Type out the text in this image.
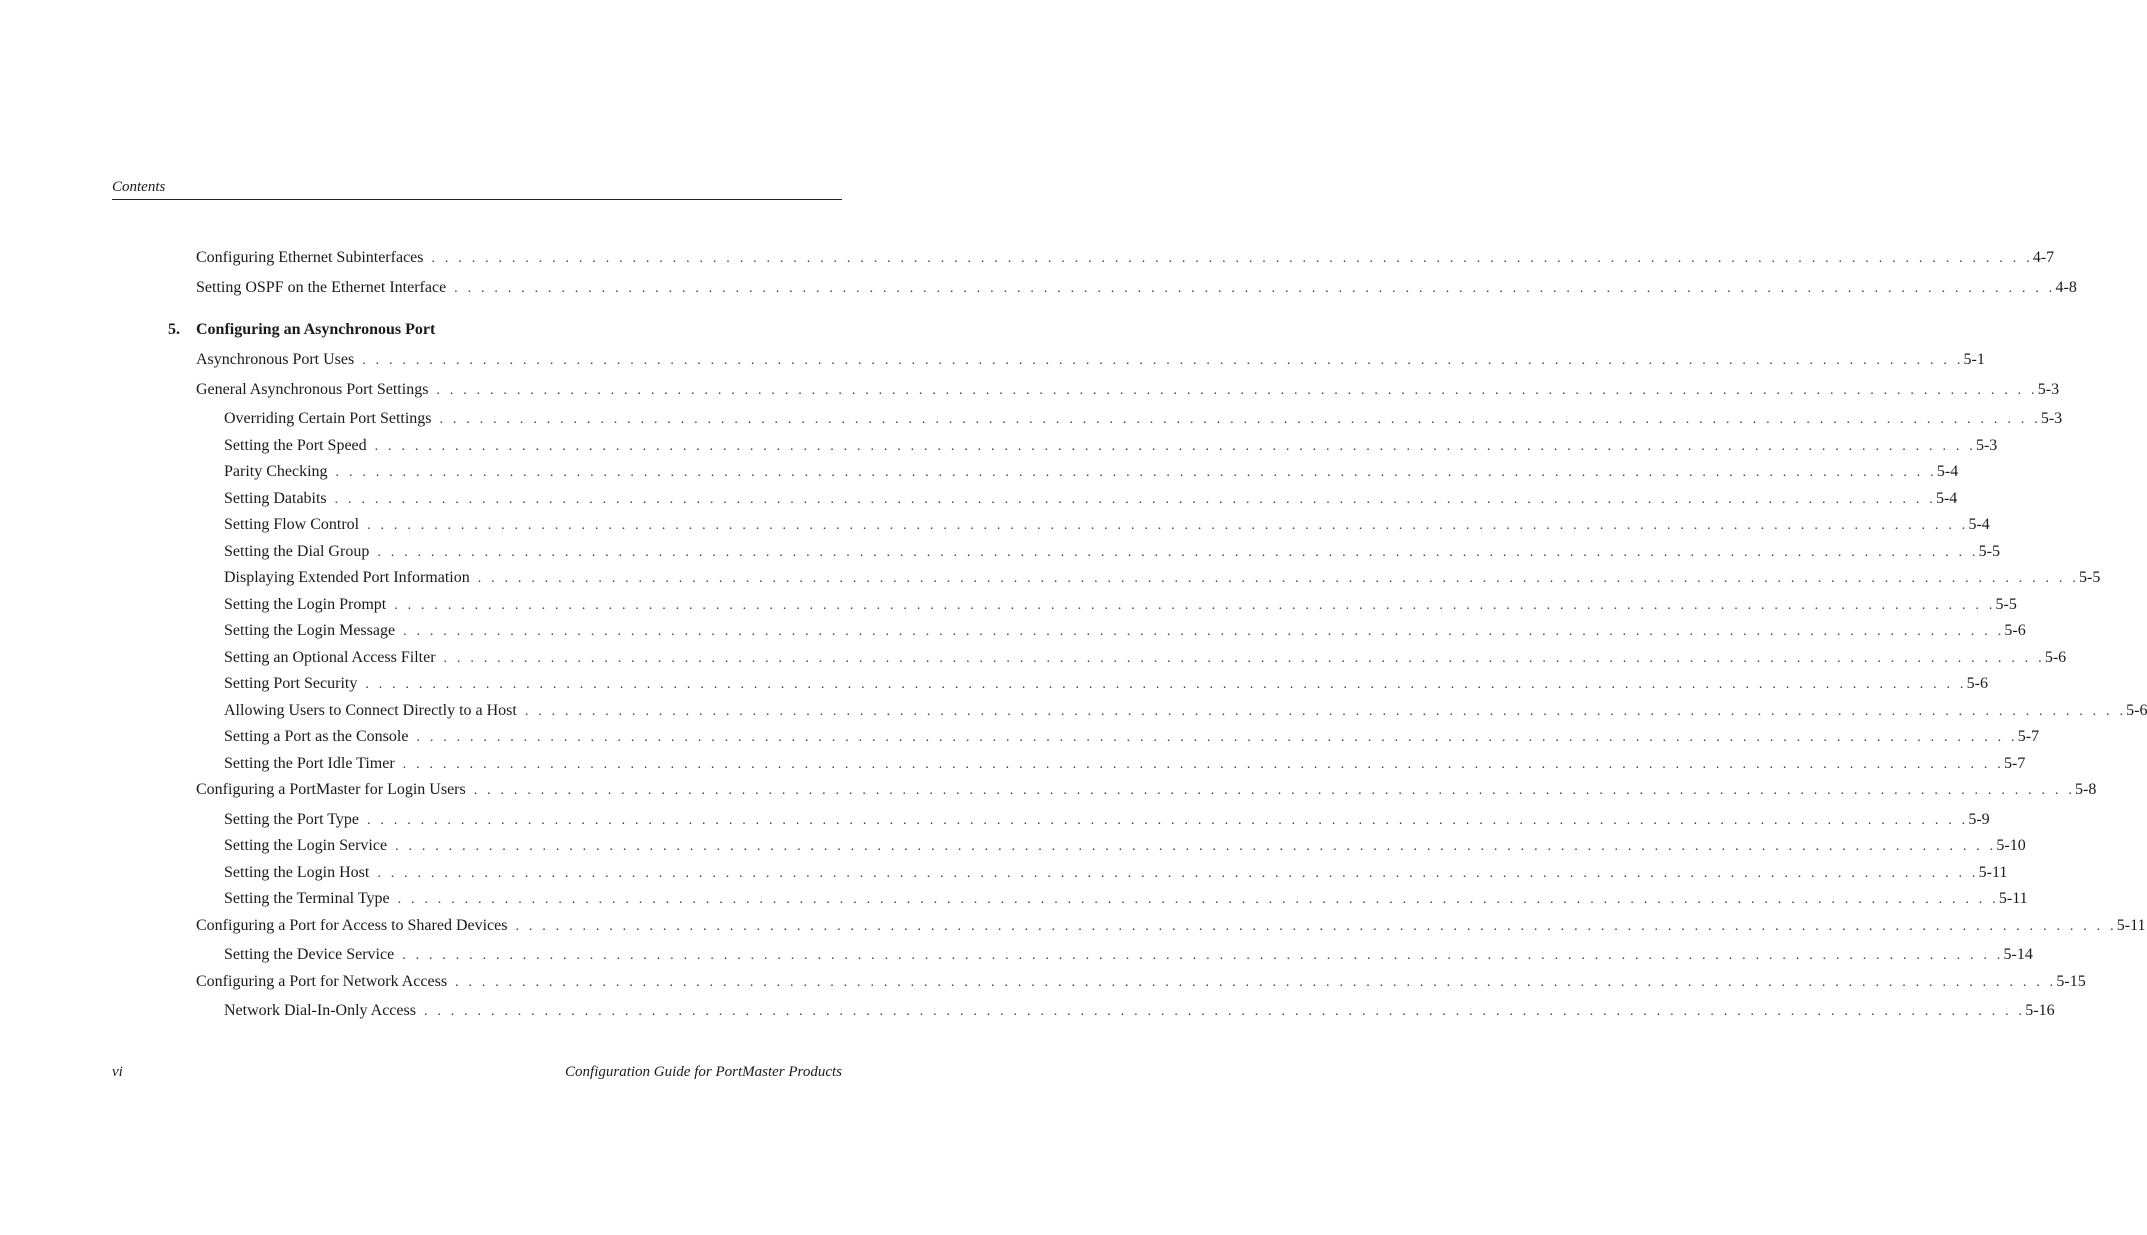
Contents
5. Configuring an Asynchronous Port
Configuring Ethernet Subinterfaces . . . . . . . . . . . . . . . . . . . . . . . . . . . . . . . . . . . . . . . . . . . . . . . . . . . . . . . . . . . . . . . . . . . . . . . . . . . . . . . . . . . . . . . . . . . . . . . . . . . . . . . . . . . . . . . . . . . . . . . . 4-7
Setting OSPF on the Ethernet Interface . . . . . . . . . . . . . . . . . . . . . . . . . . . . . . . . . . . . . . . . . . . . . . . . . . . . . . . . . . . . . . . . . . . . . . . . . . . . . . . . . . . . . . . . . . . . . . . . . . . . . . . . . . . . . . . . . . . . . . . . 4-8
Asynchronous Port Uses . . . . . . . . . . . . . . . . . . . . . . . . . . . . . . . . . . . . . . . . . . . . . . . . . . . . . . . . . . . . . . . . . . . . . . . . . . . . . . . . . . . . . . . . . . . . . . . . . . . . . . . . . . . . . . . . . . . . . . . . 5-1
General Asynchronous Port Settings . . . . . . . . . . . . . . . . . . . . . . . . . . . . . . . . . . . . . . . . . . . . . . . . . . . . . . . . . . . . . . . . . . . . . . . . . . . . . . . . . . . . . . . . . . . . . . . . . . . . . . . . . . . . . . . . . . . . . . . . 5-3
Overriding Certain Port Settings . . . . . . . . . . . . . . . . . . . . . . . . . . . . . . . . . . . . . . . . . . . . . . . . . . . . . . . . . . . . . . . . . . . . . . . . . . . . . . . . . . . . . . . . . . . . . . . . . . . . . . . . . . . . . . . . . . . . . . . . 5-3
Setting the Port Speed . . . . . . . . . . . . . . . . . . . . . . . . . . . . . . . . . . . . . . . . . . . . . . . . . . . . . . . . . . . . . . . . . . . . . . . . . . . . . . . . . . . . . . . . . . . . . . . . . . . . . . . . . . . . . . . . . . . . . . . . 5-3
Parity Checking . . . . . . . . . . . . . . . . . . . . . . . . . . . . . . . . . . . . . . . . . . . . . . . . . . . . . . . . . . . . . . . . . . . . . . . . . . . . . . . . . . . . . . . . . . . . . . . . . . . . . . . . . . . . . . . . . . . . . . . . 5-4
Setting Databits . . . . . . . . . . . . . . . . . . . . . . . . . . . . . . . . . . . . . . . . . . . . . . . . . . . . . . . . . . . . . . . . . . . . . . . . . . . . . . . . . . . . . . . . . . . . . . . . . . . . . . . . . . . . . . . . . . . . . . . . 5-4
Setting Flow Control . . . . . . . . . . . . . . . . . . . . . . . . . . . . . . . . . . . . . . . . . . . . . . . . . . . . . . . . . . . . . . . . . . . . . . . . . . . . . . . . . . . . . . . . . . . . . . . . . . . . . . . . . . . . . . . . . . . . . . . . 5-4
Setting the Dial Group . . . . . . . . . . . . . . . . . . . . . . . . . . . . . . . . . . . . . . . . . . . . . . . . . . . . . . . . . . . . . . . . . . . . . . . . . . . . . . . . . . . . . . . . . . . . . . . . . . . . . . . . . . . . . . . . . . . . . . . . 5-5
Displaying Extended Port Information . . . . . . . . . . . . . . . . . . . . . . . . . . . . . . . . . . . . . . . . . . . . . . . . . . . . . . . . . . . . . . . . . . . . . . . . . . . . . . . . . . . . . . . . . . . . . . . . . . . . . . . . . . . . . . . . . . . . . . . . 5-5
Setting the Login Prompt . . . . . . . . . . . . . . . . . . . . . . . . . . . . . . . . . . . . . . . . . . . . . . . . . . . . . . . . . . . . . . . . . . . . . . . . . . . . . . . . . . . . . . . . . . . . . . . . . . . . . . . . . . . . . . . . . . . . . . . . 5-5
Setting the Login Message . . . . . . . . . . . . . . . . . . . . . . . . . . . . . . . . . . . . . . . . . . . . . . . . . . . . . . . . . . . . . . . . . . . . . . . . . . . . . . . . . . . . . . . . . . . . . . . . . . . . . . . . . . . . . . . . . . . . . . . . 5-6
Setting an Optional Access Filter . . . . . . . . . . . . . . . . . . . . . . . . . . . . . . . . . . . . . . . . . . . . . . . . . . . . . . . . . . . . . . . . . . . . . . . . . . . . . . . . . . . . . . . . . . . . . . . . . . . . . . . . . . . . . . . . . . . . . . . . 5-6
Setting Port Security . . . . . . . . . . . . . . . . . . . . . . . . . . . . . . . . . . . . . . . . . . . . . . . . . . . . . . . . . . . . . . . . . . . . . . . . . . . . . . . . . . . . . . . . . . . . . . . . . . . . . . . . . . . . . . . . . . . . . . . . 5-6
Allowing Users to Connect Directly to a Host . . . . . . . . . . . . . . . . . . . . . . . . . . . . . . . . . . . . . . . . . . . . . . . . . . . . . . . . . . . . . . . . . . . . . . . . . . . . . . . . . . . . . . . . . . . . . . . . . . . . . . . . . . . . . . . . . . . . . . . . 5-6
Setting a Port as the Console . . . . . . . . . . . . . . . . . . . . . . . . . . . . . . . . . . . . . . . . . . . . . . . . . . . . . . . . . . . . . . . . . . . . . . . . . . . . . . . . . . . . . . . . . . . . . . . . . . . . . . . . . . . . . . . . . . . . . . . . 5-7
Setting the Port Idle Timer . . . . . . . . . . . . . . . . . . . . . . . . . . . . . . . . . . . . . . . . . . . . . . . . . . . . . . . . . . . . . . . . . . . . . . . . . . . . . . . . . . . . . . . . . . . . . . . . . . . . . . . . . . . . . . . . . . . . . . . . 5-7
Configuring a PortMaster for Login Users . . . . . . . . . . . . . . . . . . . . . . . . . . . . . . . . . . . . . . . . . . . . . . . . . . . . . . . . . . . . . . . . . . . . . . . . . . . . . . . . . . . . . . . . . . . . . . . . . . . . . . . . . . . . . . . . . . . . . . . . 5-8
Setting the Port Type . . . . . . . . . . . . . . . . . . . . . . . . . . . . . . . . . . . . . . . . . . . . . . . . . . . . . . . . . . . . . . . . . . . . . . . . . . . . . . . . . . . . . . . . . . . . . . . . . . . . . . . . . . . . . . . . . . . . . . . . 5-9
Setting the Login Service . . . . . . . . . . . . . . . . . . . . . . . . . . . . . . . . . . . . . . . . . . . . . . . . . . . . . . . . . . . . . . . . . . . . . . . . . . . . . . . . . . . . . . . . . . . . . . . . . . . . . . . . . . . . . . . . . . . . . . . . 5-10
Setting the Login Host . . . . . . . . . . . . . . . . . . . . . . . . . . . . . . . . . . . . . . . . . . . . . . . . . . . . . . . . . . . . . . . . . . . . . . . . . . . . . . . . . . . . . . . . . . . . . . . . . . . . . . . . . . . . . . . . . . . . . . . . 5-11
Setting the Terminal Type . . . . . . . . . . . . . . . . . . . . . . . . . . . . . . . . . . . . . . . . . . . . . . . . . . . . . . . . . . . . . . . . . . . . . . . . . . . . . . . . . . . . . . . . . . . . . . . . . . . . . . . . . . . . . . . . . . . . . . . . 5-11
Configuring a Port for Access to Shared Devices . . . . . . . . . . . . . . . . . . . . . . . . . . . . . . . . . . . . . . . . . . . . . . . . . . . . . . . . . . . . . . . . . . . . . . . . . . . . . . . . . . . . . . . . . . . . . . . . . . . . . . . . . . . . . . . . . . . . . . . . 5-11
Setting the Device Service . . . . . . . . . . . . . . . . . . . . . . . . . . . . . . . . . . . . . . . . . . . . . . . . . . . . . . . . . . . . . . . . . . . . . . . . . . . . . . . . . . . . . . . . . . . . . . . . . . . . . . . . . . . . . . . . . . . . . . . . 5-14
Configuring a Port for Network Access . . . . . . . . . . . . . . . . . . . . . . . . . . . . . . . . . . . . . . . . . . . . . . . . . . . . . . . . . . . . . . . . . . . . . . . . . . . . . . . . . . . . . . . . . . . . . . . . . . . . . . . . . . . . . . . . . . . . . . . . 5-15
Network Dial-In-Only Access . . . . . . . . . . . . . . . . . . . . . . . . . . . . . . . . . . . . . . . . . . . . . . . . . . . . . . . . . . . . . . . . . . . . . . . . . . . . . . . . . . . . . . . . . . . . . . . . . . . . . . . . . . . . . . . . . . . . . . . . 5-16
vi	Configuration Guide for PortMaster Products
